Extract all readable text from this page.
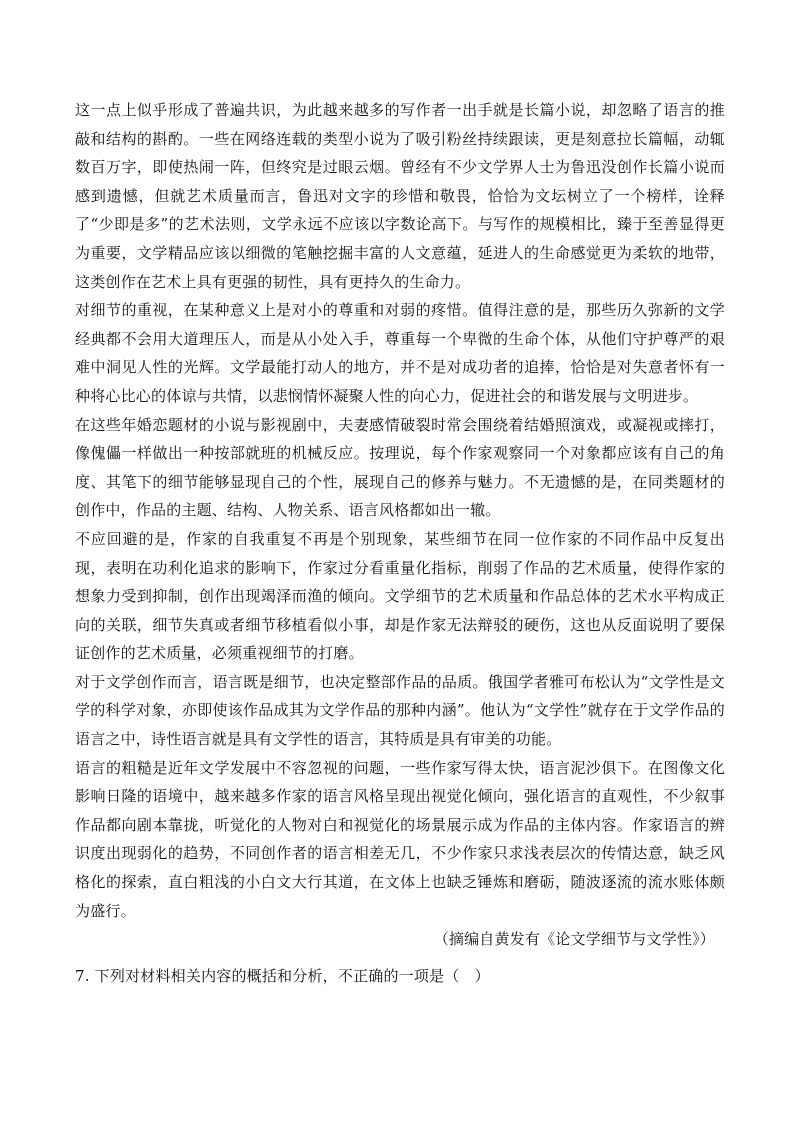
这一点上似乎形成了普遍共识，为此越来越多的写作者一出手就是长篇小说，却忽略了语言的推敲和结构的斟酌。一些在网络连载的类型小说为了吸引粉丝持续跟读，更是刻意拉长篇幅，动辄数百万字，即使热闹一阵，但终究是过眼云烟。曾经有不少文学界人士为鲁迅没创作长篇小说而感到遗憾，但就艺术质量而言，鲁迅对文字的珍惜和敬畏，恰恰为文坛树立了一个榜样，诠释了“少即是多”的艺术法则，文学永远不应该以字数论高下。与写作的规模相比，臻于至善显得更为重要，文学精品应该以细微的笔触挖掘丰富的人文意蕴，延进人的生命感觉更为柔软的地带，这类创作在艺术上具有更强的韧性，具有更持久的生命力。

对细节的重视，在某种意义上是对小的尊重和对弱的疼惜。值得注意的是，那些历久弥新的文学经典都不会用大道理压人，而是从小处入手，尊重每一个卑微的生命个体，从他们守护尊严的艰难中洞见人性的光辉。文学最能打动人的地方，并不是对成功者的追捧，恰恰是对失意者怀有一种将心比心的体谅与共情，以悲悯情怀凝聚人性的向心力，促进社会的和谐发展与文明进步。

在这些年婚恋题材的小说与影视剧中，夫妻感情破裂时常会围绕着结婚照演戏，或凝视或摔打，像傀儡一样做出一种按部就班的机械反应。按理说，每个作家观察同一个对象都应该有自己的角度、其笔下的细节能够显现自己的个性，展现自己的修养与魅力。不无遗憾的是，在同类题材的创作中，作品的主题、结构、人物关系、语言风格都如出一辙。

不应回避的是，作家的自我重复不再是个别现象，某些细节在同一位作家的不同作品中反复出现，表明在功利化追求的影响下，作家过分看重量化指标，削弱了作品的艺术质量，使得作家的想象力受到抑制，创作出现竭泽而渔的倾向。文学细节的艺术质量和作品总体的艺术水平构成正向的关联，细节失真或者细节移植看似小事，却是作家无法辩驳的硬伤，这也从反面说明了要保证创作的艺术质量，必须重视细节的打磨。

对于文学创作而言，语言既是细节，也决定整部作品的品质。俄国学者雅可布松认为“文学性是文学的科学对象，亦即使该作品成其为文学作品的那种内涵”。他认为“文学性”就存在于文学作品的语言之中，诗性语言就是具有文学性的语言，其特质是具有审美的功能。

语言的粗糙是近年文学发展中不容忽视的问题，一些作家写得太快，语言泥沙俱下。在图像文化影响日隆的语境中，越来越多作家的语言风格呈现出视觉化倾向，强化语言的直观性，不少叙事作品都向剧本靠拢，听觉化的人物对白和视觉化的场景展示成为作品的主体内容。作家语言的辨识度出现弱化的趋势，不同创作者的语言相差无几，不少作家只求浅表层次的传情达意，缺乏风格化的探索，直白粗浅的小白文大行其道，在文体上也缺乏锤炼和磨砺，随波逐流的流水账体颇为盛行。

（摘编自黄发有《论文学细节与文学性》）

7. 下列对材料相关内容的概括和分析，不正确的一项是（　）
